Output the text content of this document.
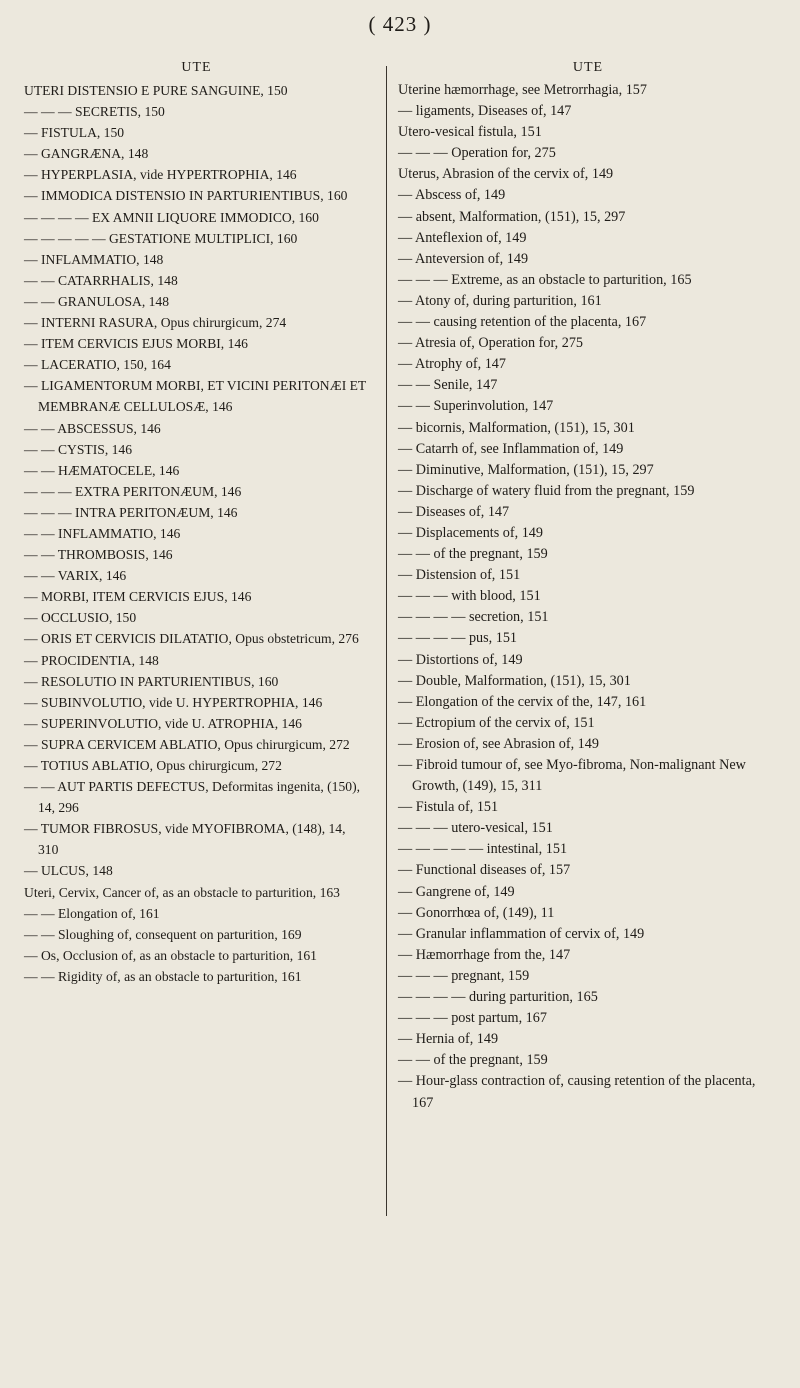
( 423 )
UTE
UTERI DISTENSIO E PURE SANGUINE, 150
— — — SECRETIS, 150
— FISTULA, 150
— GANGRÆNA, 148
— HYPERPLASIA, vide HYPERTROPHIA, 146
— IMMODICA DISTENSIO IN PARTURIENTIBUS, 160
— — — — EX AMNII LIQUORE IMMODICO, 160
— — — — — GESTATIONE MULTIPLICI, 160
— INFLAMMATIO, 148
— — CATARRHALIS, 148
— — GRANULOSA, 148
— INTERNI RASURA, Opus chirurgicum, 274
— ITEM CERVICIS EJUS MORBI, 146
— LACERATIO, 150, 164
— LIGAMENTORUM MORBI, ET VICINI PERITONÆI ET MEMBRANÆ CELLULOSÆ, 146
— — ABSCESSUS, 146
— — CYSTIS, 146
— — HÆMATOCELE, 146
— — — EXTRA PERITONÆUM, 146
— — — INTRA PERITONÆUM, 146
— — INFLAMMATIO, 146
— — THROMBOSIS, 146
— — VARIX, 146
— MORBI, ITEM CERVICIS EJUS, 146
— OCCLUSIO, 150
— ORIS ET CERVICIS DILATATIO, Opus obstetricum, 276
— PROCIDENTIA, 148
— RESOLUTIO IN PARTURIENTIBUS, 160
— SUBINVOLUTIO, vide U. HYPERTROPHIA, 146
— SUPERINVOLUTIO, vide U. ATROPHIA, 146
— SUPRA CERVICEM ABLATIO, Opus chirurgicum, 272
— TOTIUS ABLATIO, Opus chirurgicum, 272
— — AUT PARTIS DEFECTUS, Deformitas ingenita, (150), 14, 296
— TUMOR FIBROSUS, vide MYOFIBROMA, (148), 14, 310
— ULCUS, 148
Uteri, Cervix, Cancer of, as an obstacle to parturition, 163
— — Elongation of, 161
— — Sloughing of, consequent on parturition, 169
— Os, Occlusion of, as an obstacle to parturition, 161
— — Rigidity of, as an obstacle to parturition, 161
UTE
Uterine hæmorrhage, see Metrorrhagia, 157
— ligaments, Diseases of, 147
Utero-vesical fistula, 151
— — — Operation for, 275
Uterus, Abrasion of the cervix of, 149
— Abscess of, 149
— absent, Malformation, (151), 15, 297
— Anteflexion of, 149
— Anteversion of, 149
— — — Extreme, as an obstacle to parturition, 165
— Atony of, during parturition, 161
— — causing retention of the placenta, 167
— Atresia of, Operation for, 275
— Atrophy of, 147
— — Senile, 147
— — Superinvolution, 147
— bicornis, Malformation, (151), 15, 301
— Catarrh of, see Inflammation of, 149
— Diminutive, Malformation, (151), 15, 297
— Discharge of watery fluid from the pregnant, 159
— Diseases of, 147
— Displacements of, 149
— — of the pregnant, 159
— Distension of, 151
— — — with blood, 151
— — — — secretion, 151
— — — — pus, 151
— Distortions of, 149
— Double, Malformation, (151), 15, 301
— Elongation of the cervix of the, 147, 161
— Ectropium of the cervix of, 151
— Erosion of, see Abrasion of, 149
— Fibroid tumour of, see Myo-fibroma, Non-malignant New Growth, (149), 15, 311
— Fistula of, 151
— — — utero-vesical, 151
— — — — — intestinal, 151
— Functional diseases of, 157
— Gangrene of, 149
— Gonorrhœa of, (149), 11
— Granular inflammation of cervix of, 149
— Hæmorrhage from the, 147
— — — pregnant, 159
— — — — during parturition, 165
— — — post partum, 167
— Hernia of, 149
— — of the pregnant, 159
— Hour-glass contraction of, causing retention of the placenta, 167
